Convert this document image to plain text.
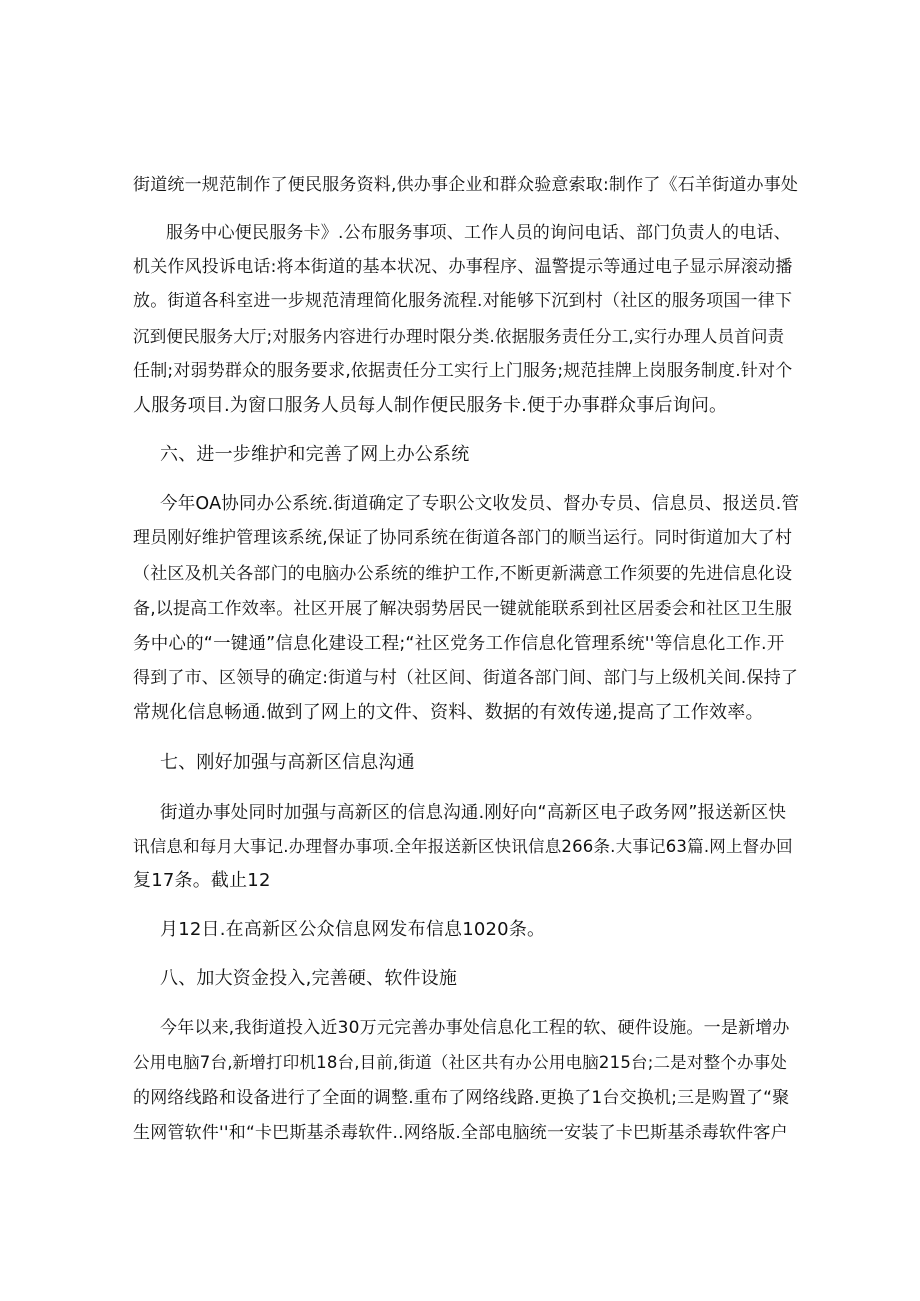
街道统一规范制作了便民服务资料,供办事企业和群众验意索取:制作了《石羊街道办事处
服务中心便民服务卡》.公布服务事项、工作人员的询问电话、部门负责人的电话、
机关作风投诉电话:将本街道的基本状况、办事程序、温警提示等通过电子显示屏滚动播
放。街道各科室进一步规范清理简化服务流程.对能够下沉到村（社区的服务项国一律下
沉到便民服务大厅;对服务内容进行办理时限分类.依据服务责任分工,实行办理人员首问责
任制;对弱势群众的服务要求,依据责任分工实行上门服务;规范挂牌上岗服务制度.针对个
人服务项目.为窗口服务人员每人制作便民服务卡.便于办事群众事后询问。
六、进一步维护和完善了网上办公系统
今年OA协同办公系统.街道确定了专职公文收发员、督办专员、信息员、报送员.管
理员刚好维护管理该系统,保证了协同系统在街道各部门的顺当运行。同时街道加大了村
（社区及机关各部门的电脑办公系统的维护工作,不断更新满意工作须要的先进信息化设
备,以提高工作效率。社区开展了解决弱势居民一键就能联系到社区居委会和社区卫生服
务中心的“一键通”信息化建设工程;“社区党务工作信息化管理系统''等信息化工作.开
得到了市、区领导的确定:街道与村（社区间、街道各部门间、部门与上级机关间.保持了
常规化信息畅通.做到了网上的文件、资料、数据的有效传递,提高了工作效率。
七、刚好加强与高新区信息沟通
街道办事处同时加强与高新区的信息沟通.刚好向“高新区电子政务网”报送新区快
讯信息和每月大事记.办理督办事项.全年报送新区快讯信息266条.大事记63篇.网上督办回
复17条。截止12
月12日.在高新区公众信息网发布信息1020条。
八、加大资金投入,完善硬、软件设施
今年以来,我街道投入近30万元完善办事处信息化工程的软、硬件设施。一是新增办
公用电脑7台,新增打印机18台,目前,街道（社区共有办公用电脑215台;二是对整个办事处
的网络线路和设备进行了全面的调整.重布了网络线路.更换了1台交换机;三是购置了“聚
生网管软件''和“卡巴斯基杀毒软件..网络版.全部电脑统一安装了卡巴斯基杀毒软件客户
